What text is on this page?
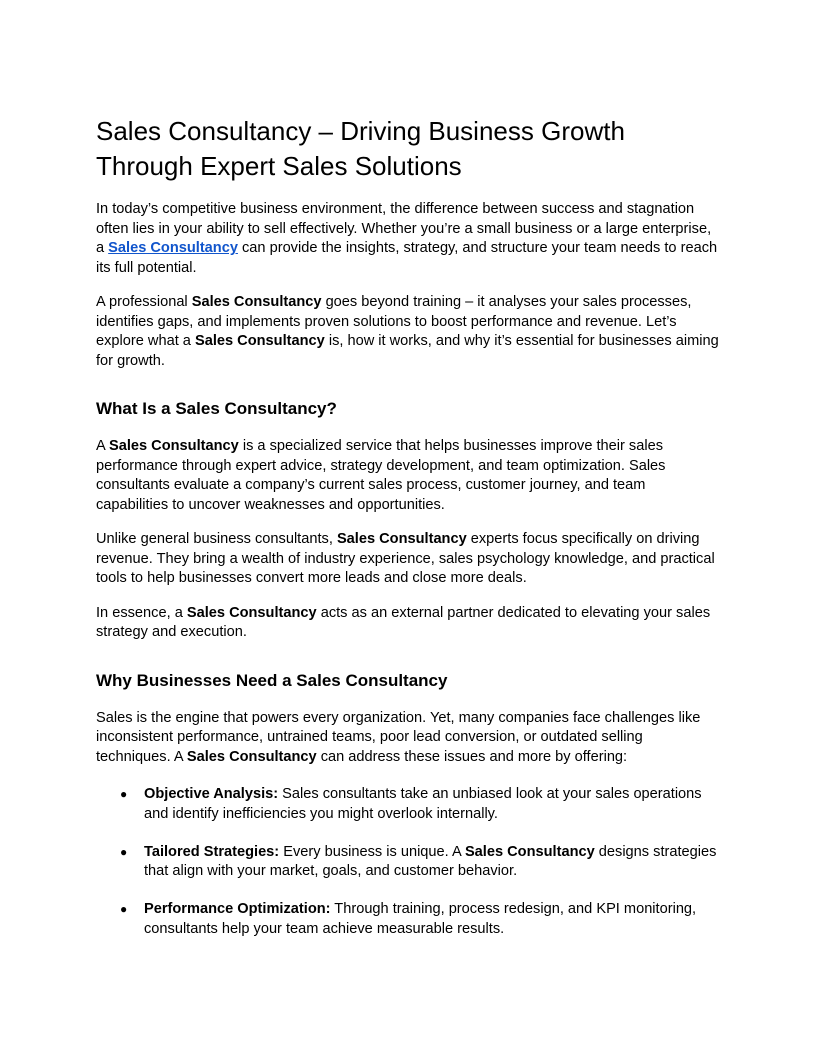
Sales Consultancy – Driving Business Growth Through Expert Sales Solutions

In today’s competitive business environment, the difference between success and stagnation often lies in your ability to sell effectively. Whether you’re a small business or a large enterprise, a Sales Consultancy can provide the insights, strategy, and structure your team needs to reach its full potential.

A professional Sales Consultancy goes beyond training – it analyses your sales processes, identifies gaps, and implements proven solutions to boost performance and revenue. Let’s explore what a Sales Consultancy is, how it works, and why it’s essential for businesses aiming for growth.

What Is a Sales Consultancy?

A Sales Consultancy is a specialized service that helps businesses improve their sales performance through expert advice, strategy development, and team optimization. Sales consultants evaluate a company’s current sales process, customer journey, and team capabilities to uncover weaknesses and opportunities.

Unlike general business consultants, Sales Consultancy experts focus specifically on driving revenue. They bring a wealth of industry experience, sales psychology knowledge, and practical tools to help businesses convert more leads and close more deals.

In essence, a Sales Consultancy acts as an external partner dedicated to elevating your sales strategy and execution.

Why Businesses Need a Sales Consultancy

Sales is the engine that powers every organization. Yet, many companies face challenges like inconsistent performance, untrained teams, poor lead conversion, or outdated selling techniques. A Sales Consultancy can address these issues and more by offering:

● Objective Analysis: Sales consultants take an unbiased look at your sales operations and identify inefficiencies you might overlook internally.
● Tailored Strategies: Every business is unique. A Sales Consultancy designs strategies that align with your market, goals, and customer behavior.
● Performance Optimization: Through training, process redesign, and KPI monitoring, consultants help your team achieve measurable results.
